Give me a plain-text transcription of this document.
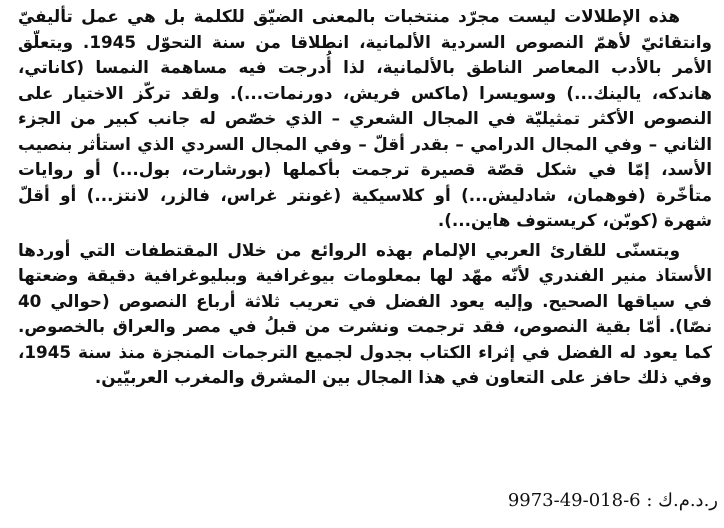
هذه الإطلالات ليست مجرّد منتخبات بالمعنى الضيّق للكلمة بل هي عمل تأليفيّ وانتقائيّ لأهمّ النصوص السردية الألمانية، انطلاقا من سنة التحوّل 1945. ويتعلّق الأمر بالأدب المعاصر الناطق بالألمانية، لذا أُدرجت فيه مساهمة النمسا (كاناتي، هاندكه، يالينك...) وسويسرا (ماكس فريش، دورنمات...). ولقد تركّز الاختيار على النصوص الأكثر تمثيليّة في المجال الشعري – الذي خصّص له جانب كبير من الجزء الثاني – وفي المجال الدرامي – بقدر أقلّ – وفي المجال السردي الذي استأثر بنصيب الأسد، إمّا في شكل قصّة قصيرة ترجمت بأكملها (بورشارت، بول...) أو روايات متأخّرة (فوهمان، شادليش...) أو كلاسيكية (غونتر غراس، فالزر، لانتز...) أو أقلّ شهرة (كوبّن، كريستوف هاين...).

ويتسنّى للقارئ العربي الإلمام بهذه الروائع من خلال المقتطفات التي أوردها الأستاذ منير الفندري لأنّه مهّد لها بمعلومات بيوغرافية وببليوغرافية دقيقة وضعتها في سياقها الصحيح. وإليه يعود الفضل في تعريب ثلاثة أرباع النصوص (حوالي 40 نصّا). أمّا بقية النصوص، فقد ترجمت ونشرت من قبلُ في مصر والعراق بالخصوص. كما يعود له الفضل في إثراء الكتاب بجدول لجميع الترجمات المنجزة منذ سنة 1945، وفي ذلك حافز على التعاون في هذا المجال بين المشرق والمغرب العربيّين.

ر.د.م.ك : 6-018-49-9973
